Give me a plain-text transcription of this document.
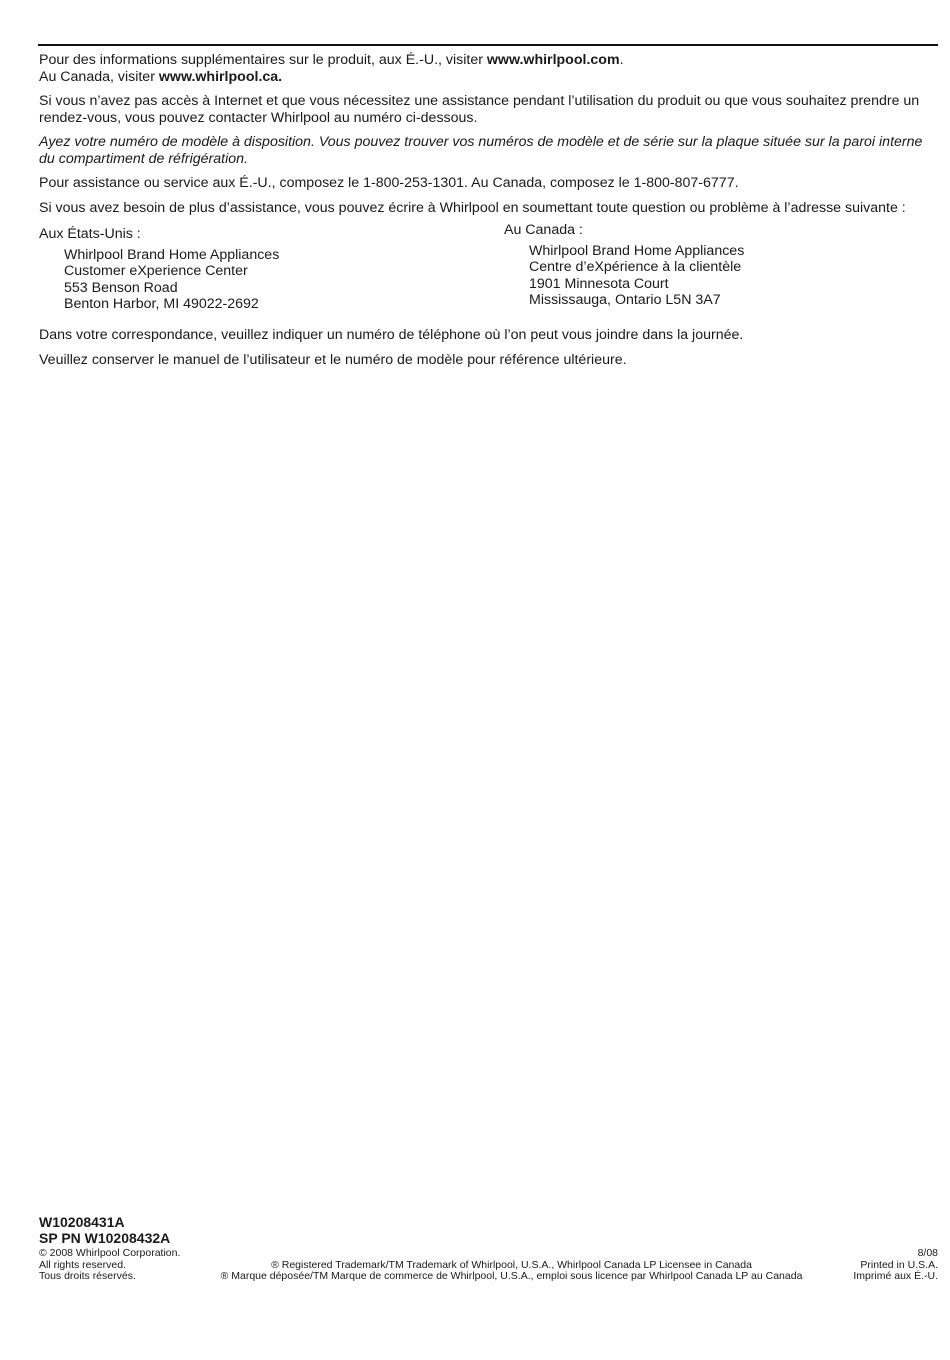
Pour des informations supplémentaires sur le produit, aux É.-U., visiter www.whirlpool.com.
Au Canada, visiter www.whirlpool.ca.

Si vous n’avez pas accès à Internet et que vous nécessitez une assistance pendant l’utilisation du produit ou que vous souhaitez prendre un rendez-vous, vous pouvez contacter Whirlpool au numéro ci-dessous.

Ayez votre numéro de modèle à disposition. Vous pouvez trouver vos numéros de modèle et de série sur la plaque située sur la paroi interne du compartiment de réfrigération.

Pour assistance ou service aux É.-U., composez le 1-800-253-1301. Au Canada, composez le 1-800-807-6777.

Si vous avez besoin de plus d’assistance, vous pouvez écrire à Whirlpool en soumettant toute question ou problème à l’adresse suivante :

Aux États-Unis :
Whirlpool Brand Home Appliances
Customer eXperience Center
553 Benson Road
Benton Harbor, MI 49022-2692
Au Canada :
Whirlpool Brand Home Appliances
Centre d’eXpérience à la clientèle
1901 Minnesota Court
Mississauga, Ontario L5N 3A7

Dans votre correspondance, veuillez indiquer un numéro de téléphone où l’on peut vous joindre dans la journée.

Veuillez conserver le manuel de l’utilisateur et le numéro de modèle pour référence ultérieure.

W10208431A
SP PN W10208432A
© 2008 Whirlpool Corporation.
All rights reserved.
Tous droits réservés.
® Registered Trademark/TM Trademark of Whirlpool, U.S.A., Whirlpool Canada LP Licensee in Canada
® Marque déposée/TM Marque de commerce de Whirlpool, U.S.A., emploi sous licence par Whirlpool Canada LP au Canada
8/08
Printed in U.S.A.
Imprimé aux É.-U.
